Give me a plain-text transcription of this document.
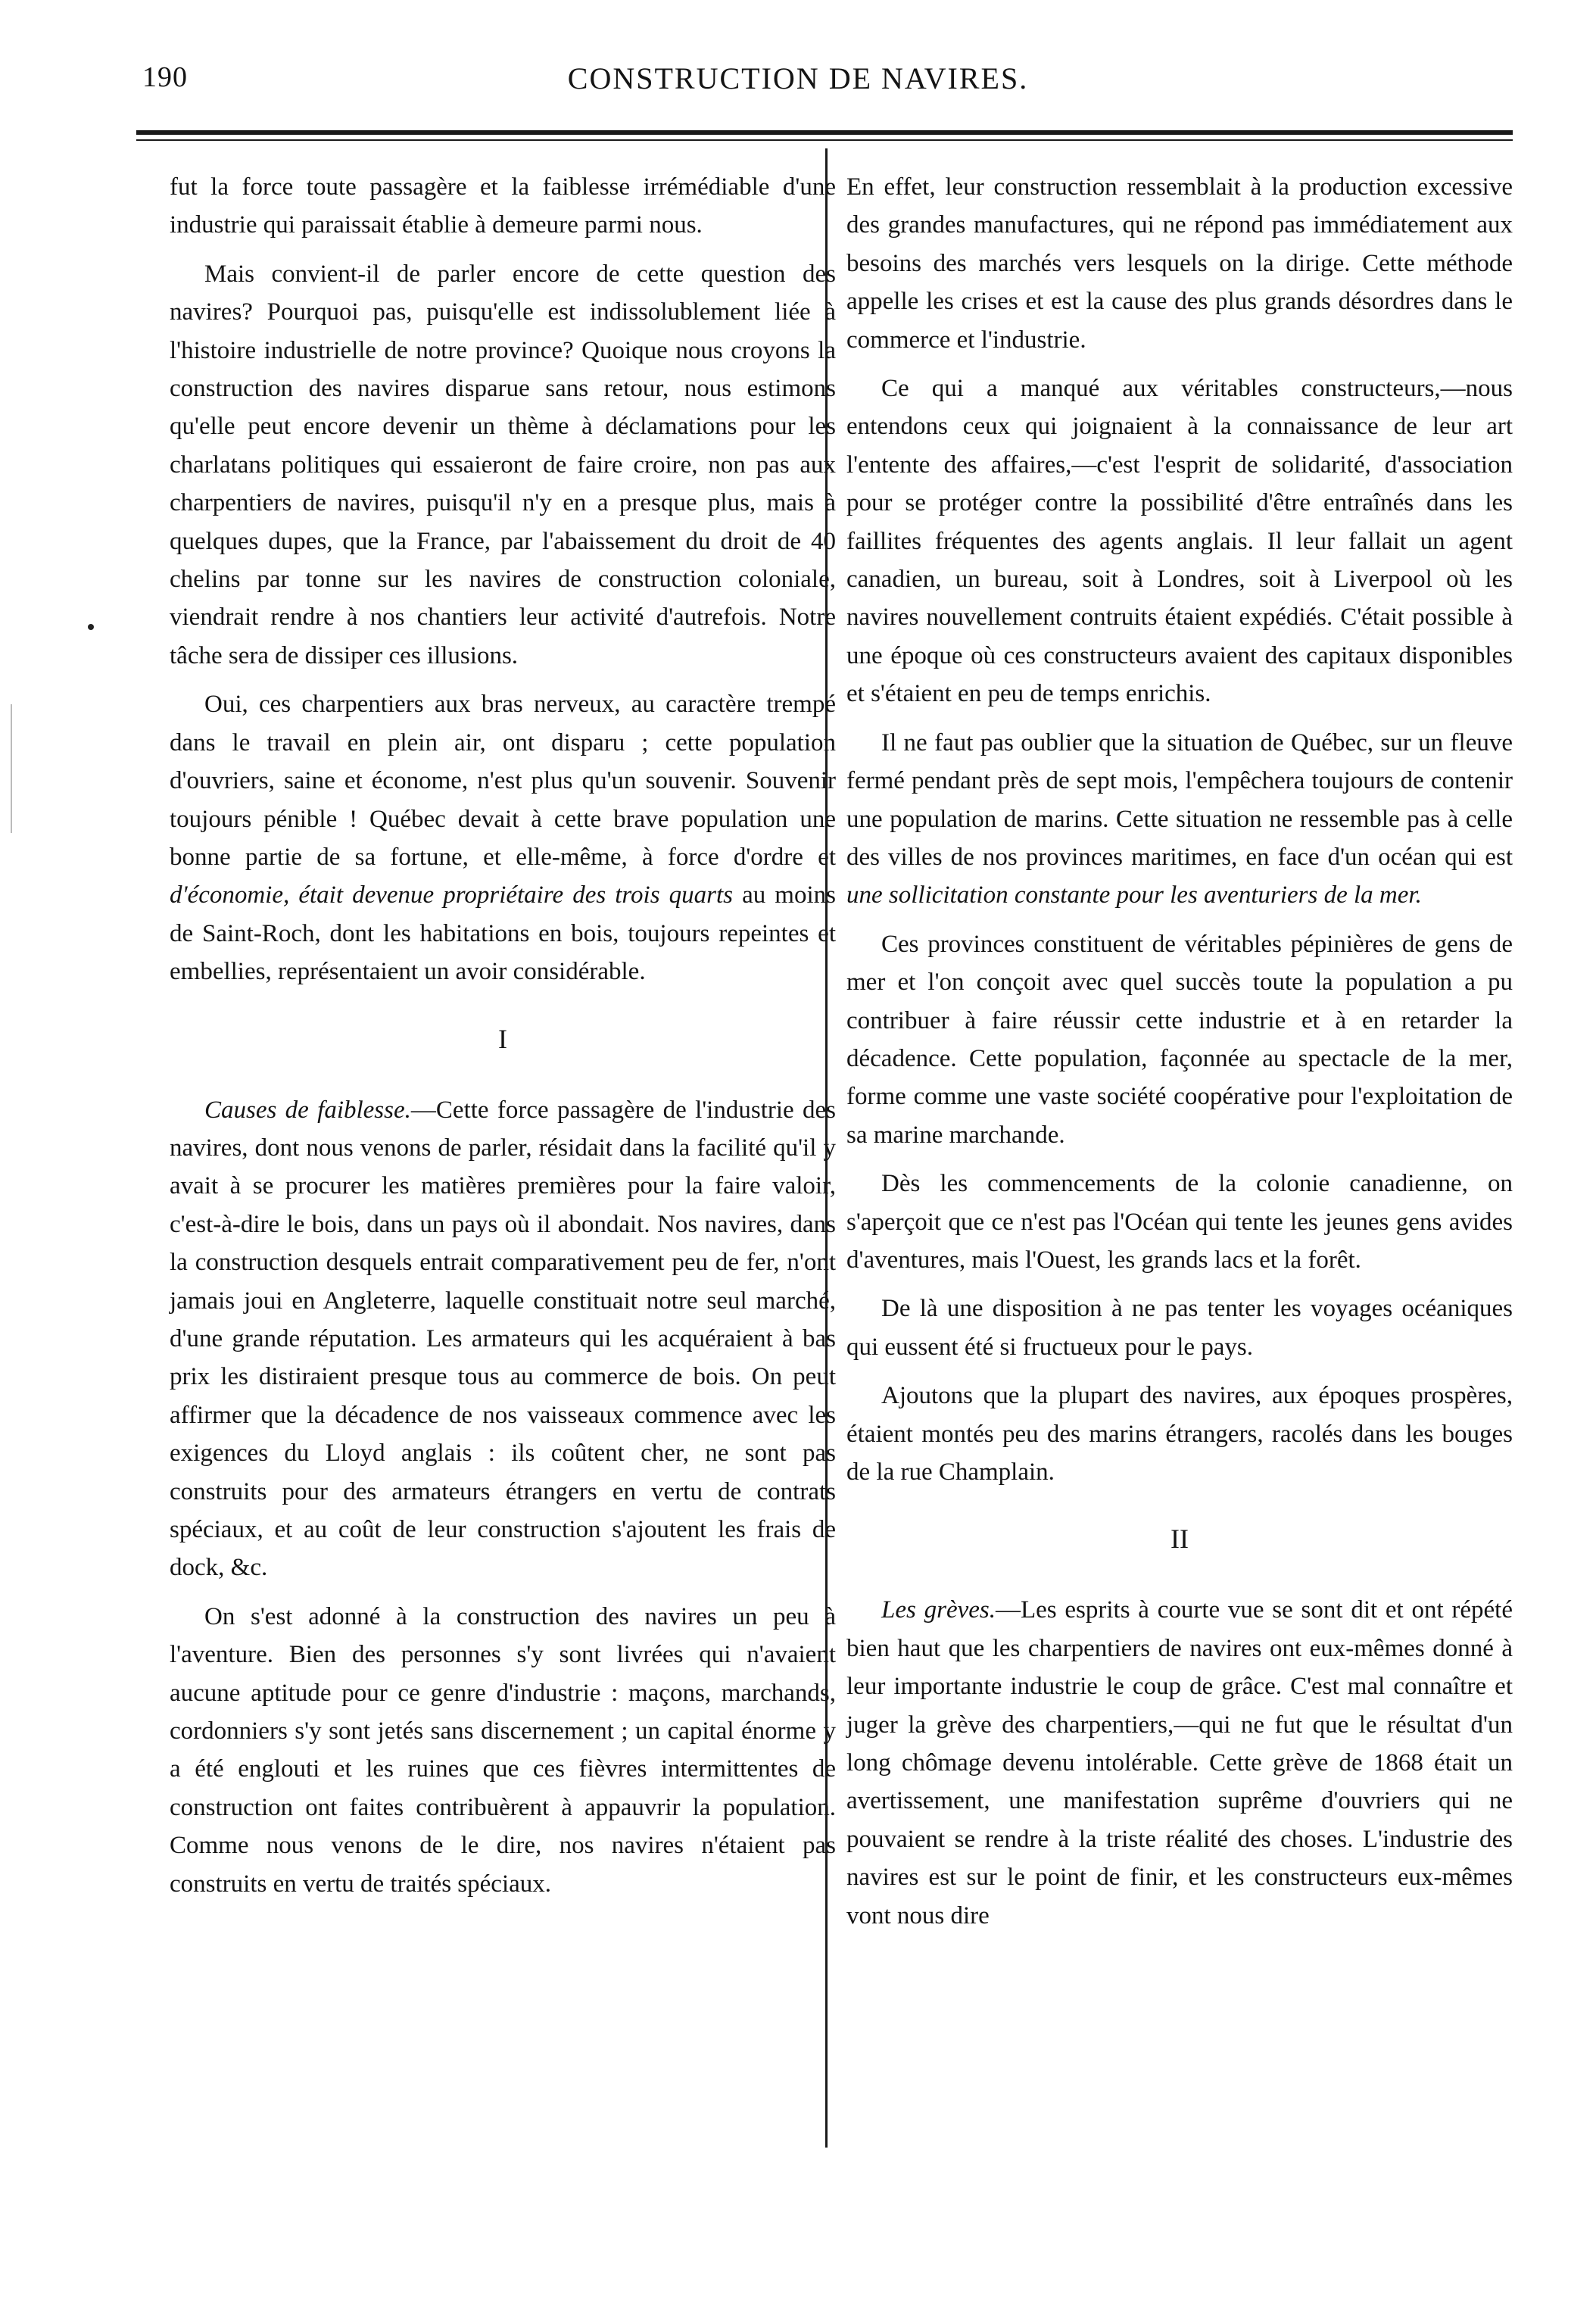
190	CONSTRUCTION DE NAVIRES.

fut la force toute passagère et la faiblesse irrémédiable d'une industrie qui paraissait établie à demeure parmi nous.

Mais convient-il de parler encore de cette question des navires? Pourquoi pas, puisqu'elle est indissolublement liée à l'histoire industrielle de notre province? Quoique nous croyons la construction des navires disparue sans retour, nous estimons qu'elle peut encore devenir un thème à déclamations pour les charlatans politiques qui essaieront de faire croire, non pas aux charpentiers de navires, puisqu'il n'y en a presque plus, mais à quelques dupes, que la France, par l'abaissement du droit de 40 chelins par tonne sur les navires de construction coloniale, viendrait rendre à nos chantiers leur activité d'autrefois. Notre tâche sera de dissiper ces illusions.

Oui, ces charpentiers aux bras nerveux, au caractère trempé dans le travail en plein air, ont disparu ; cette population d'ouvriers, saine et économe, n'est plus qu'un souvenir. Souvenir toujours pénible ! Québec devait à cette brave population une bonne partie de sa fortune, et elle-même, à force d'ordre et d'économie, était devenue propriétaire des trois quarts au moins de Saint-Roch, dont les habitations en bois, toujours repeintes et embellies, représentaient un avoir considérable.

I

Causes de faiblesse.—Cette force passagère de l'industrie des navires, dont nous venons de parler, résidait dans la facilité qu'il y avait à se procurer les matières premières pour la faire valoir, c'est-à-dire le bois, dans un pays où il abondait. Nos navires, dans la construction desquels entrait comparativement peu de fer, n'ont jamais joui en Angleterre, laquelle constituait notre seul marché, d'une grande réputation. Les armateurs qui les acquéraient à bas prix les distiraient presque tous au commerce de bois. On peut affirmer que la décadence de nos vaisseaux commence avec les exigences du Lloyd anglais : ils coûtent cher, ne sont pas construits pour des armateurs étrangers en vertu de contrats spéciaux, et au coût de leur construction s'ajoutent les frais de dock, &c.

On s'est adonné à la construction des navires un peu à l'aventure. Bien des personnes s'y sont livrées qui n'avaient aucune aptitude pour ce genre d'industrie : maçons, marchands, cordonniers s'y sont jetés sans discernement ; un capital énorme y a été englouti et les ruines que ces fièvres intermittentes de construction ont faites contribuèrent à appauvrir la population. Comme nous venons de le dire, nos navires n'étaient pas construits en vertu de traités spéciaux.

En effet, leur construction ressemblait à la production excessive des grandes manufactures, qui ne répond pas immédiatement aux besoins des marchés vers lesquels on la dirige. Cette méthode appelle les crises et est la cause des plus grands désordres dans le commerce et l'industrie.

Ce qui a manqué aux véritables constructeurs,—nous entendons ceux qui joignaient à la connaissance de leur art l'entente des affaires,—c'est l'esprit de solidarité, d'association pour se protéger contre la possibilité d'être entraînés dans les faillites fréquentes des agents anglais. Il leur fallait un agent canadien, un bureau, soit à Londres, soit à Liverpool où les navires nouvellement contruits étaient expédiés. C'était possible à une époque où ces constructeurs avaient des capitaux disponibles et s'étaient en peu de temps enrichis.

Il ne faut pas oublier que la situation de Québec, sur un fleuve fermé pendant près de sept mois, l'empêchera toujours de contenir une population de marins. Cette situation ne ressemble pas à celle des villes de nos provinces maritimes, en face d'un océan qui est une sollicitation constante pour les aventuriers de la mer.

Ces provinces constituent de véritables pépinières de gens de mer et l'on conçoit avec quel succès toute la population a pu contribuer à faire réussir cette industrie et à en retarder la décadence. Cette population, façonnée au spectacle de la mer, forme comme une vaste société coopérative pour l'exploitation de sa marine marchande.

Dès les commencements de la colonie canadienne, on s'aperçoit que ce n'est pas l'Océan qui tente les jeunes gens avides d'aventures, mais l'Ouest, les grands lacs et la forêt.

De là une disposition à ne pas tenter les voyages océaniques qui eussent été si fructueux pour le pays.

Ajoutons que la plupart des navires, aux époques prospères, étaient montés peu des marins étrangers, racolés dans les bouges de la rue Champlain.

II

Les grèves.—Les esprits à courte vue se sont dit et ont répété bien haut que les charpentiers de navires ont eux-mêmes donné à leur importante industrie le coup de grâce. C'est mal connaître et juger la grève des charpentiers,—qui ne fut que le résultat d'un long chômage devenu intolérable. Cette grève de 1868 était un avertissement, une manifestation suprême d'ouvriers qui ne pouvaient se rendre à la triste réalité des choses. L'industrie des navires est sur le point de finir, et les constructeurs eux-mêmes vont nous dire
